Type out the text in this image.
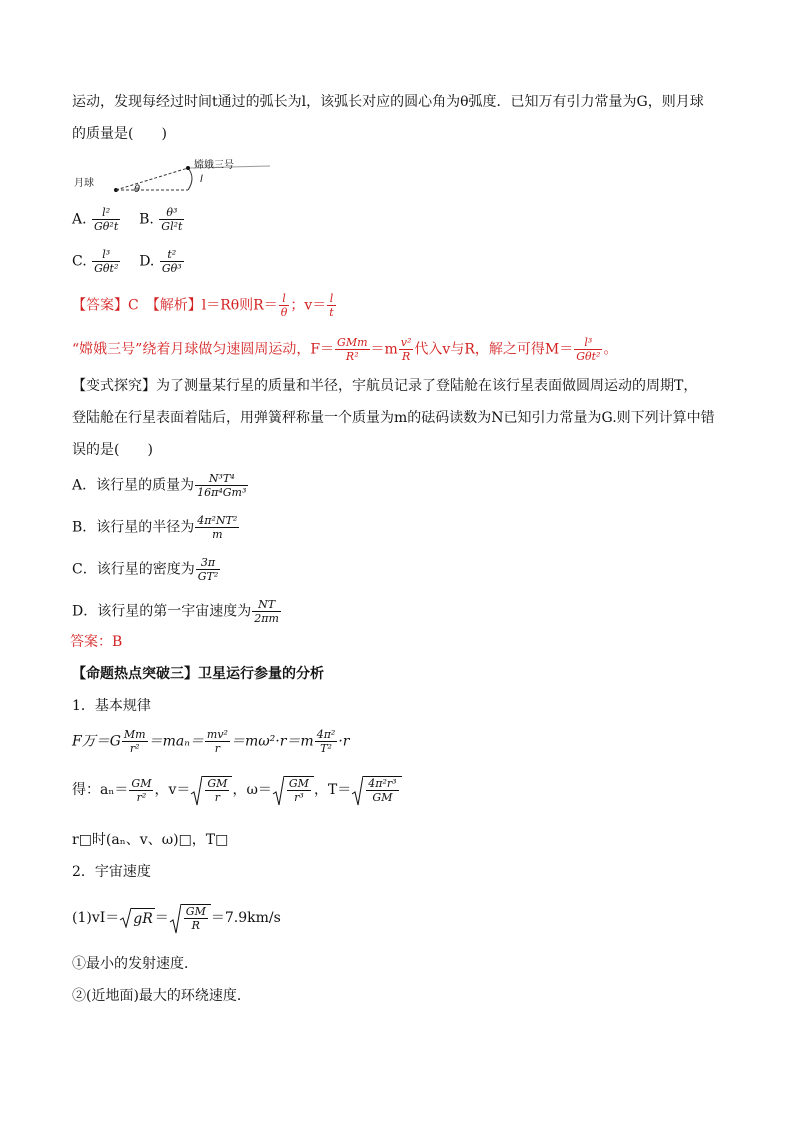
运动，发现每经过时间t通过的弧长为l，该弧长对应的圆心角为θ弧度．已知万有引力常量为G，则月球
的质量是(　　)
月球
嫦娥三号
θ
l
A. $\frac{\text{l²}}{\text{Gθ²t}} B$. $\frac{\text{θ³}}{\text{Gl²t}}$
C. $\frac{\text{l³}}{\text{Gθt²}} D$. $\frac{\text{t²}}{\text{Gθ³}}$
【答案】C　【解析】l＝Rθ则$R= \frac{l}{\theta}$ ；$v= \frac{l}{t}$
“嫦娥三号”绕着月球做匀速圆周运动，$F= \frac{\text{GMm}}{\text{R²}} =m \frac{\text{v²}}{R}$ 代入v与R，解之可得$M= \frac{\text{l³}}{\text{Gθt²}}$ 。
【变式探究】为了测量某行星的质量和半径，宇航员记录了登陆舱在该行星表面做圆周运动的周期T，
登陆舱在行星表面着陆后，用弹簧秤称量一个质量为m的砝码读数为N已知引力常量为G.则下列计算中错
误的是(　　)
A．该行星的质量为 $\frac{\text{N³T⁴}}{\text{16π⁴Gm³}}$
B．该行星的半径为 $\frac{\text{4π²NT²}}{m}$
C．该行星的密度为 $\frac{3\pi}{\text{GT²}}$
D．该行星的第一宇宙速度为 $\frac{NT}{2\pi m}$
答案：B
【命题热点突破三】卫星运行参量的分析
1．基本规律
F万$=G \frac{Mm}{\text{r²}} =ma_n= \frac{\text{mv²}}{r} =m\omega^2\cdot r=m \frac{\text{4π²}}{\text{T²}} \cdot r$
得：$a_n= \frac{GM}{\text{r²}}$ ，$v= \frac{GM}{r}$ ，$\omega= \frac{GM}{\text{r³}}$ ，$T= \frac{\text{4π²r³}}{GM}$
r□时(aₙ、v、ω)□，T□
2．宇宙速度
(1)vⅠ＝ gR ＝ $\frac{GM}{R} =7.9km/s$
①最小的发射速度．
②(近地面)最大的环绕速度．
